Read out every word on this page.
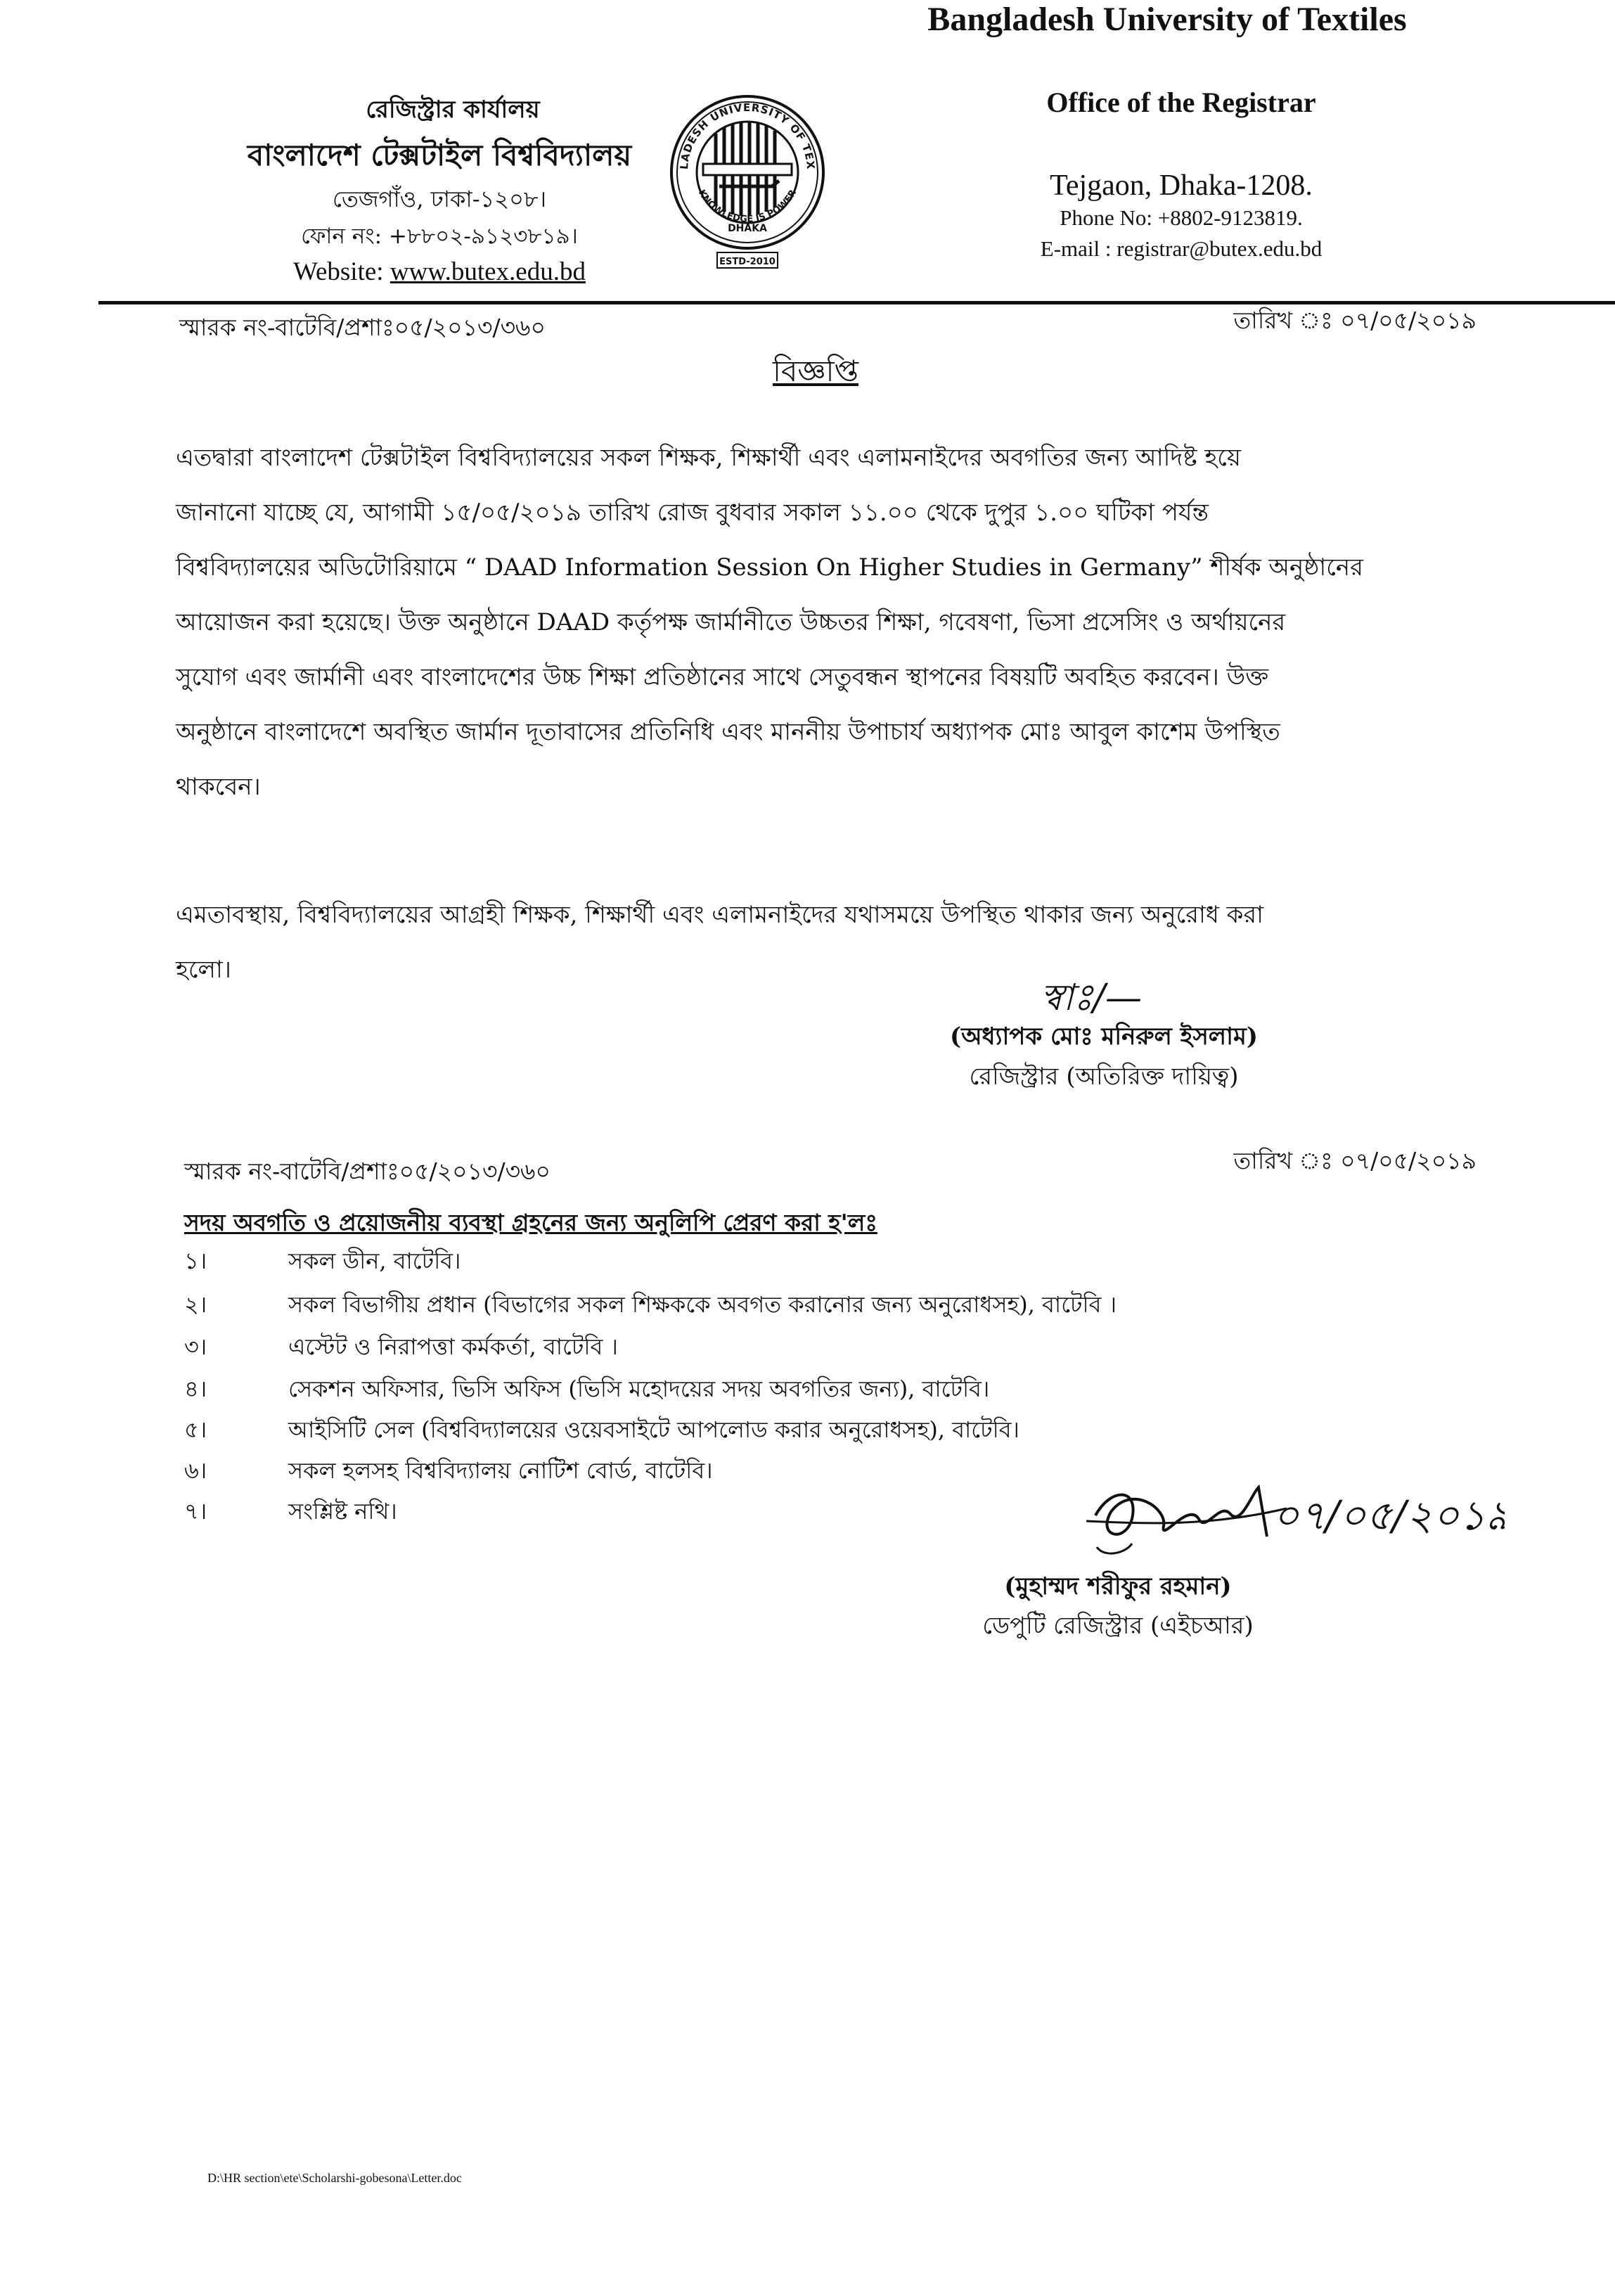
রেজিস্ট্রার কার্যালয়
বাংলাদেশ টেক্সটাইল বিশ্ববিদ্যালয়
তেজগাঁও, ঢাকা-১২০৮।
ফোন নং: +৮৮০২-৯১২৩৮১৯।
Website: www.butex.edu.bd
LADESH UNIVERSITY OF TEX
KNOWLEDGE IS POWER
DHAKA
ESTD-2010
Office of the Registrar
Bangladesh University of Textiles
Tejgaon, Dhaka-1208.
Phone No: +8802-9123819.
E-mail : registrar@butex.edu.bd
স্মারক নং-বাটেবি/প্রশাঃ০৫/২০১৩/৩৬০	তারিখ ঃ ০৭/০৫/২০১৯
বিজ্ঞপ্তি
এতদ্বারা বাংলাদেশ টেক্সটাইল বিশ্ববিদ্যালয়ের সকল শিক্ষক, শিক্ষার্থী এবং এলামনাইদের অবগতির জন্য আদিষ্ট হয়ে
জানানো যাচ্ছে যে, আগামী ১৫/০৫/২০১৯ তারিখ রোজ বুধবার সকাল ১১.০০ থেকে দুপুর ১.০০ ঘটিকা পর্যন্ত
বিশ্ববিদ্যালয়ের অডিটোরিয়ামে “ DAAD Information Session On Higher Studies in Germany” শীর্ষক অনুষ্ঠানের
আয়োজন করা হয়েছে। উক্ত অনুষ্ঠানে DAAD কর্তৃপক্ষ জার্মানীতে উচ্চতর শিক্ষা, গবেষণা, ভিসা প্রসেসিং ও অর্থায়নের
সুযোগ এবং জার্মানী এবং বাংলাদেশের উচ্চ শিক্ষা প্রতিষ্ঠানের সাথে সেতুবন্ধন স্থাপনের বিষয়টি অবহিত করবেন। উক্ত
অনুষ্ঠানে বাংলাদেশে অবস্থিত জার্মান দূতাবাসের প্রতিনিধি এবং মাননীয় উপাচার্য অধ্যাপক মোঃ আবুল কাশেম উপস্থিত
থাকবেন।
এমতাবস্থায়, বিশ্ববিদ্যালয়ের আগ্রহী শিক্ষক, শিক্ষার্থী এবং এলামনাইদের যথাসময়ে উপস্থিত থাকার জন্য অনুরোধ করা
হলো।
স্বাঃ/—
(অধ্যাপক মোঃ মনিরুল ইসলাম)
রেজিস্ট্রার (অতিরিক্ত দায়িত্ব)
স্মারক নং-বাটেবি/প্রশাঃ০৫/২০১৩/৩৬০	তারিখ ঃ ০৭/০৫/২০১৯
সদয় অবগতি ও প্রয়োজনীয় ব্যবস্থা গ্রহনের জন্য অনুলিপি প্রেরণ করা হ'লঃ
১।	সকল ডীন, বাটেবি।
২।	সকল বিভাগীয় প্রধান (বিভাগের সকল শিক্ষককে অবগত করানোর জন্য অনুরোধসহ), বাটেবি ।
৩।	এস্টেট ও নিরাপত্তা কর্মকর্তা, বাটেবি ।
৪।	সেকশন অফিসার, ভিসি অফিস (ভিসি মহোদয়ের সদয় অবগতির জন্য), বাটেবি।
৫।	আইসিটি সেল (বিশ্ববিদ্যালয়ের ওয়েবসাইটে আপলোড করার অনুরোধসহ), বাটেবি।
৬।	সকল হলসহ বিশ্ববিদ্যালয় নোটিশ বোর্ড, বাটেবি।
৭।	সংশ্লিষ্ট নথি।	০৭/০৫/২০১৯
(মুহাম্মদ শরীফুর রহমান)
ডেপুটি রেজিস্ট্রার (এইচআর)
D:\HR section\ete\Scholarshi-gobesona\Letter.doc
